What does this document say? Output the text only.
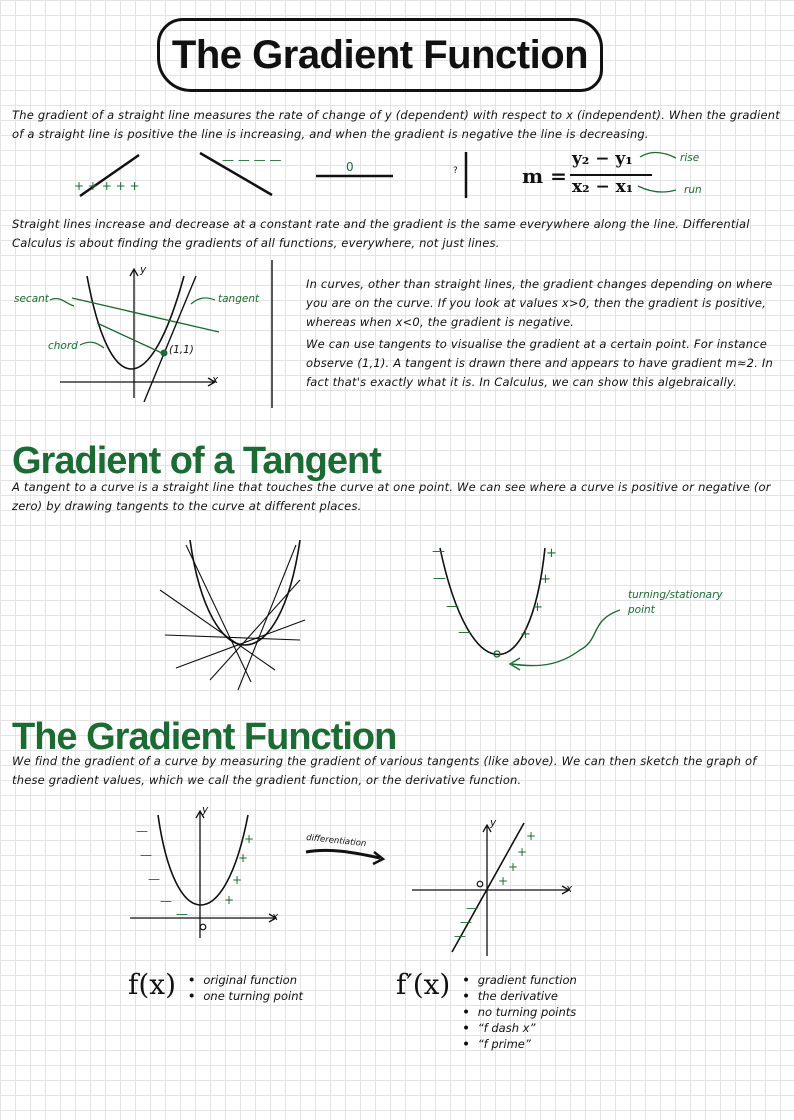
The Gradient Function
The gradient of a straight line measures the rate of change of y (dependent) with respect to x (independent). When the gradient of a straight line is positive the line is increasing, and when the gradient is negative the line is decreasing.
+ + + + +
— — — —	0	?	m =
y₂ − y₁
x₂ − x₁
rise
run
Straight lines increase and decrease at a constant rate and the gradient is the same everywhere along the line. Differential Calculus is about finding the gradients of all functions, everywhere, not just lines.
secant
chord
tangent
(1,1)
y
x
In curves, other than straight lines, the gradient changes depending on where you are on the curve. If you look at values x>0, then the gradient is positive, whereas when x<0, the gradient is negative.
We can use tangents to visualise the gradient at a certain point. For instance observe (1,1). A tangent is drawn there and appears to have gradient m≈2. In fact that's exactly what it is. In Calculus, we can show this algebraically.
Gradient of a Tangent
A tangent to a curve is a straight line that touches the curve at one point. We can see where a curve is positive or negative (or zero) by drawing tangents to the curve at different places.
—
—
—
—
+
+
+
+
turning/stationary point
The Gradient Function
We find the gradient of a curve by measuring the gradient of various tangents (like above). We can then sketch the graph of these gradient values, which we call the gradient function, or the derivative function.
—
—
—
—
—
+
+
+
+
+
+
+
+
—
—
—
y
x
y
x
differentiation
f(x)	• original function
• one turning point	f′(x)	• gradient function
• the derivative
• no turning points
• “f dash x”
• “f prime”
